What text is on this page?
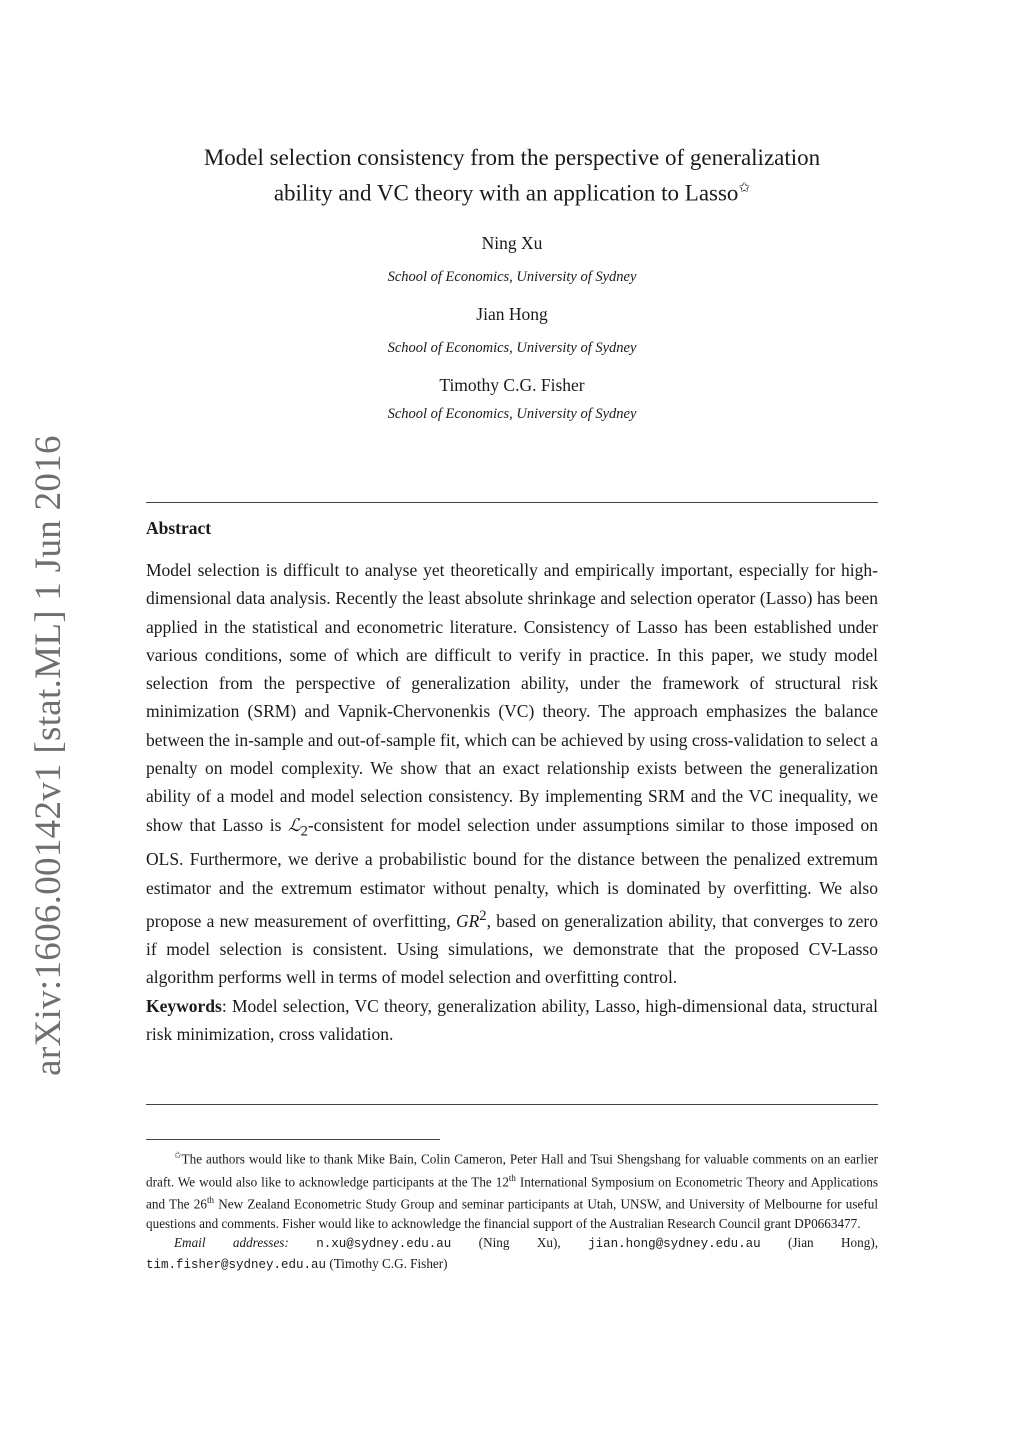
arXiv:1606.00142v1 [stat.ML] 1 Jun 2016
Model selection consistency from the perspective of generalization
ability and VC theory with an application to Lasso✩
Ning Xu
School of Economics, University of Sydney
Jian Hong
School of Economics, University of Sydney
Timothy C.G. Fisher
School of Economics, University of Sydney
Abstract

Model selection is difficult to analyse yet theoretically and empirically important, especially for high-dimensional data analysis. Recently the least absolute shrinkage and selection operator (Lasso) has been applied in the statistical and econometric literature. Consistency of Lasso has been established under various conditions, some of which are difficult to verify in practice. In this paper, we study model selection from the perspective of generalization ability, under the framework of structural risk minimization (SRM) and Vapnik-Chervonenkis (VC) theory. The approach emphasizes the balance between the in-sample and out-of-sample fit, which can be achieved by using cross-validation to select a penalty on model complexity. We show that an exact relationship exists between the generalization ability of a model and model selection consistency. By implementing SRM and the VC inequality, we show that Lasso is ℒ$_2$-consistent for model selection under assumptions similar to those imposed on OLS. Furthermore, we derive a probabilistic bound for the distance between the penalized extremum estimator and the extremum estimator without penalty, which is dominated by overfitting. We also propose a new measurement of overfitting, $GR^2$, based on generalization ability, that converges to zero if model selection is consistent. Using simulations, we demonstrate that the proposed CV-Lasso algorithm performs well in terms of model selection and overfitting control.

Keywords: Model selection, VC theory, generalization ability, Lasso, high-dimensional data, structural risk minimization, cross validation.

✩The authors would like to thank Mike Bain, Colin Cameron, Peter Hall and Tsui Shengshang for valuable comments on an earlier draft. We would also like to acknowledge participants at the The 12th International Symposium on Econometric Theory and Applications and The 26th New Zealand Econometric Study Group and seminar participants at Utah, UNSW, and University of Melbourne for useful questions and comments. Fisher would like to acknowledge the financial support of the Australian Research Council grant DP0663477.

Email addresses: n.xu@sydney.edu.au (Ning Xu), jian.hong@sydney.edu.au (Jian Hong), tim.fisher@sydney.edu.au (Timothy C.G. Fisher)
